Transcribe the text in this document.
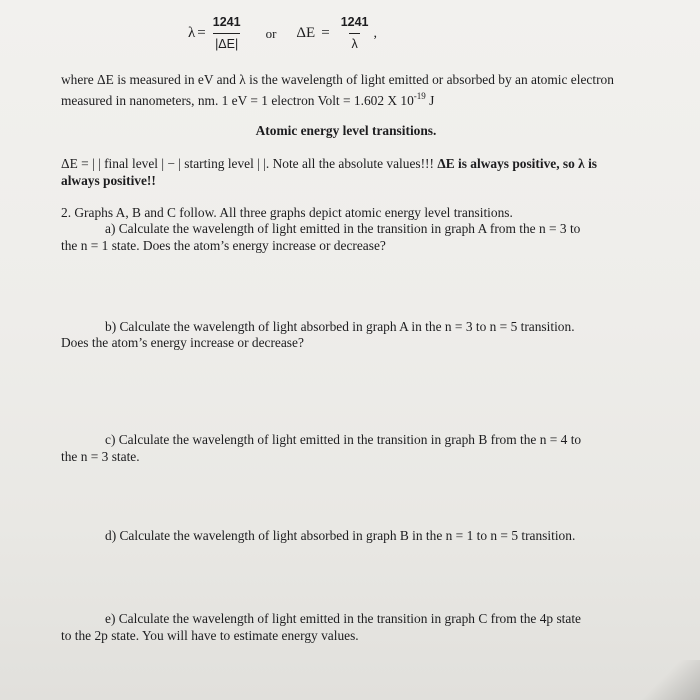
$\lambda = \frac{1241}{|\Delta E|}$ or $\Delta E = \frac{1241}{\lambda}$ ,
where ΔE is measured in eV and λ is the wavelength of light emitted or absorbed by an atomic electron measured in nanometers, nm. 1 eV = 1 electron Volt = 1.602 X $10^{-19}$ J
Atomic energy level transitions.
ΔE = | | final level | − | starting level | |. Note all the absolute values!!! ΔE is always positive, so λ is always positive!!
2. Graphs A, B and C follow. All three graphs depict atomic energy level transitions.
a) Calculate the wavelength of light emitted in the transition in graph A from the n = 3 to
the n = 1 state. Does the atom’s energy increase or decrease?
b) Calculate the wavelength of light absorbed in graph A in the n = 3 to n = 5 transition.
Does the atom’s energy increase or decrease?
c) Calculate the wavelength of light emitted in the transition in graph B from the n = 4 to
the n = 3 state.
d) Calculate the wavelength of light absorbed in graph B in the n = 1 to n = 5 transition.
e) Calculate the wavelength of light emitted in the transition in graph C from the 4p state
to the 2p state. You will have to estimate energy values.
